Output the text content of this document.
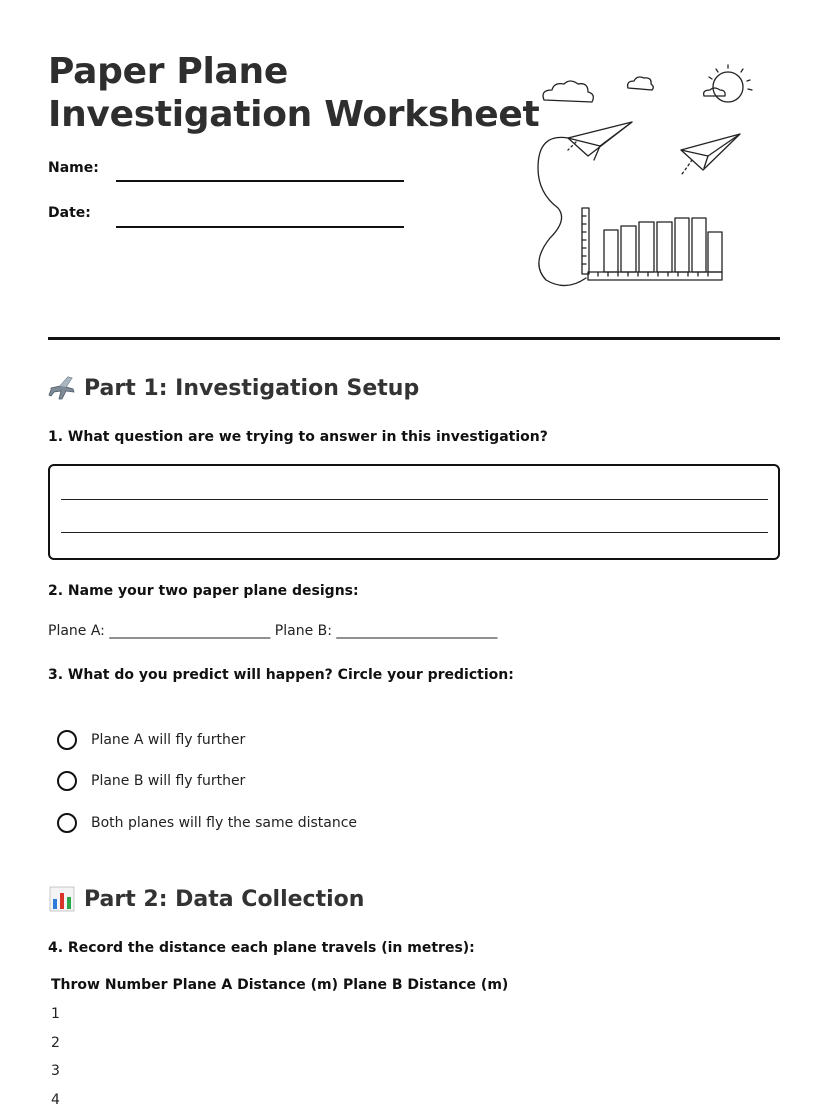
Paper Plane
Investigation Worksheet
Name:
Date:
Part 1: Investigation Setup

1. What question are we trying to answer in this investigation?

2. Name your two paper plane designs:

Plane A: _______________________ Plane B: _______________________

3. What do you predict will happen? Circle your prediction:

Plane A will fly further
Plane B will fly further
Both planes will fly the same distance
Part 2: Data Collection

4. Record the distance each plane travels (in metres):

Throw Number Plane A Distance (m) Plane B Distance (m)
1
2
3
4
